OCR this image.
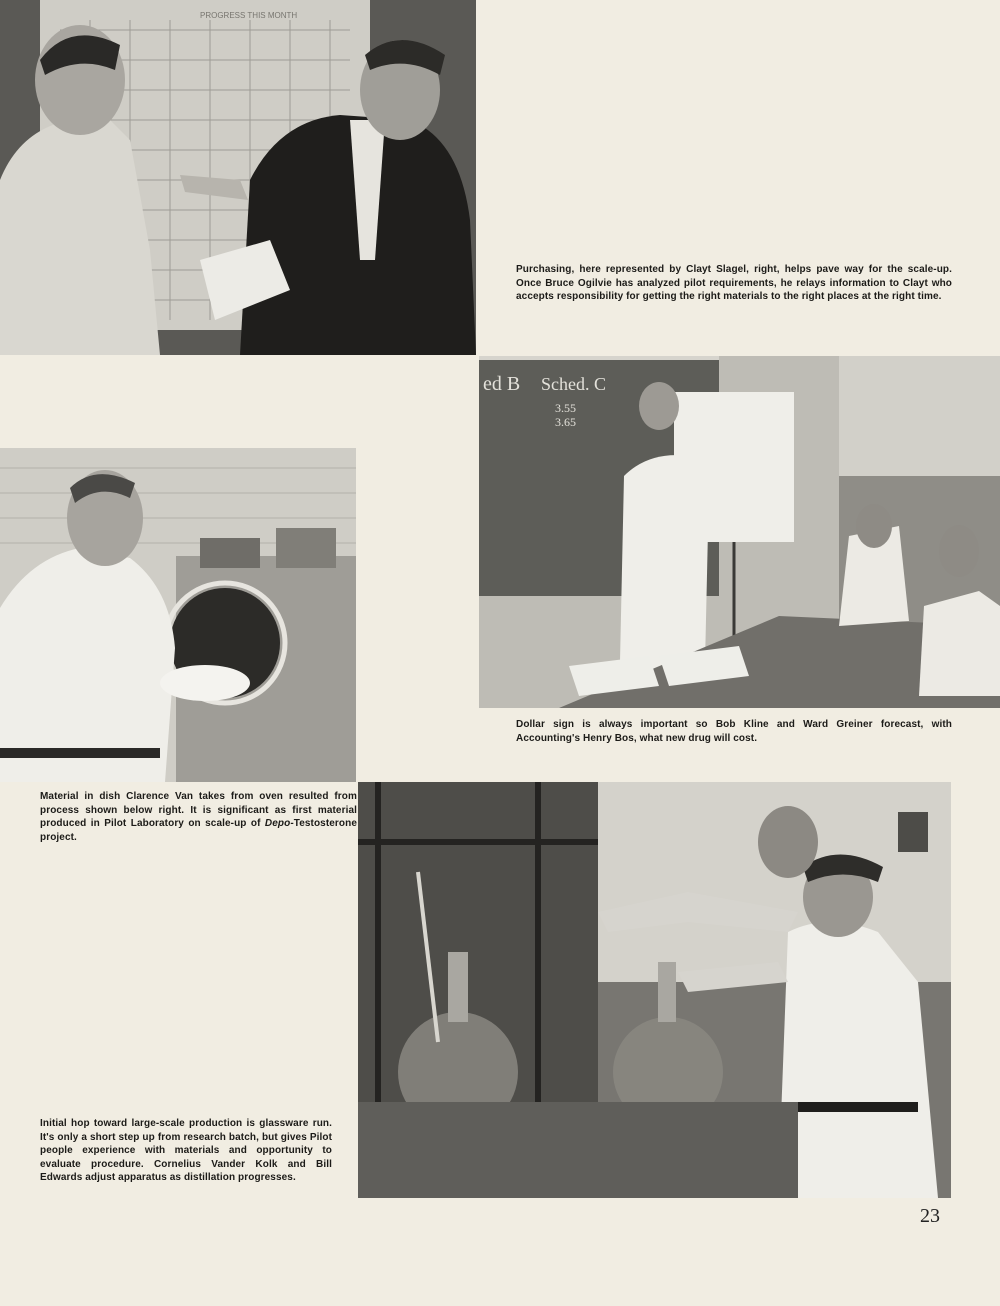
PROGRESS THIS MONTH

Purchasing, here represented by Clayt Slagel, right, helps pave way for the scale-up. Once Bruce Ogilvie has analyzed pilot requirements, he relays information to Clayt who accepts responsibility for getting the right materials to the right places at the right time.

ed B Sched. C
3.55
3.65

Dollar sign is always important so Bob Kline and Ward Greiner forecast, with Accounting's Henry Bos, what new drug will cost.

Material in dish Clarence Van takes from oven resulted from process shown below right. It is significant as first material produced in Pilot Laboratory on scale-up of Depo-Testosterone project.

Initial hop toward large-scale production is glassware run. It's only a short step up from research batch, but gives Pilot people experience with materials and opportunity to evaluate procedure. Cornelius Vander Kolk and Bill Edwards adjust apparatus as distillation progresses.

23
